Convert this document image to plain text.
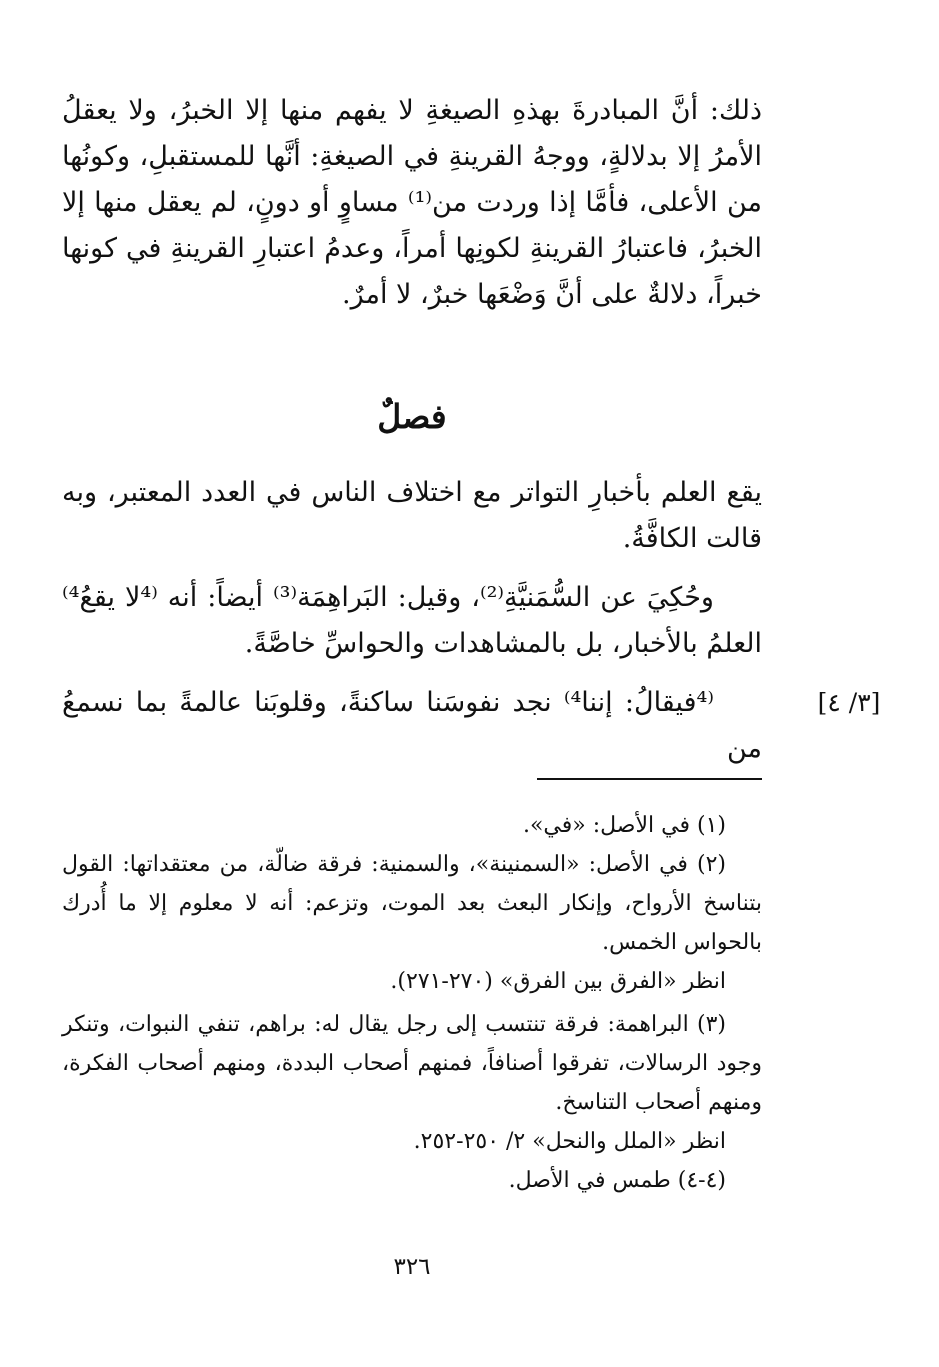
ذلك: أنَّ المبادرةَ بهذهِ الصيغةِ لا يفهم منها إلا الخبرُ، ولا يعقلُ الأمرُ إلا بدلالةٍ، ووجهُ القرينةِ في الصيغةِ: أنَّها للمستقبلِ، وكونُها من الأعلى، فأمَّا إذا وردت من⁽¹⁾ مساوٍ أو دونٍ، لم يعقل منها إلا الخبرُ، فاعتبارُ القرينةِ لكونِها أمراً، وعدمُ اعتبارِ القرينةِ في كونها خبراً، دلالةٌ على أنَّ وَضْعَها خبرٌ، لا أمرٌ.

فصلٌ

يقع العلم بأخبارِ التواتر مع اختلاف الناس في العدد المعتبر، وبه قالت الكافَّةُ.

وحُكِيَ عن السُّمَنيَّةِ⁽²⁾، وقيل: البَراهِمَة⁽³⁾ أيضاً: أنه ⁽⁴لا يقعُ⁴⁾ العلمُ بالأخبار، بل بالمشاهدات والحواسِّ خاصَّةً.

⁽⁴فيقالُ: إننا⁴⁾ نجد نفوسَنا ساكنةً، وقلوبَنا عالمةً بما نسمعُ من

[٣/ ٤]

(١) في الأصل: «في».

(٢) في الأصل: «السمنينة»، والسمنية: فرقة ضالّة، من معتقداتها: القول بتناسخ الأرواح، وإنكار البعث بعد الموت، وتزعم: أنه لا معلوم إلا ما أُدرك بالحواس الخمس.

انظر «الفرق بين الفرق» (٢٧٠-٢٧١).

(٣) البراهمة: فرقة تنتسب إلى رجل يقال له: براهم، تنفي النبوات، وتنكر وجود الرسالات، تفرقوا أصنافاً، فمنهم أصحاب البددة، ومنهم أصحاب الفكرة، ومنهم أصحاب التناسخ.

انظر «الملل والنحل» ٢/ ٢٥٠-٢٥٢.

(٤-٤) طمس في الأصل.

٣٢٦
